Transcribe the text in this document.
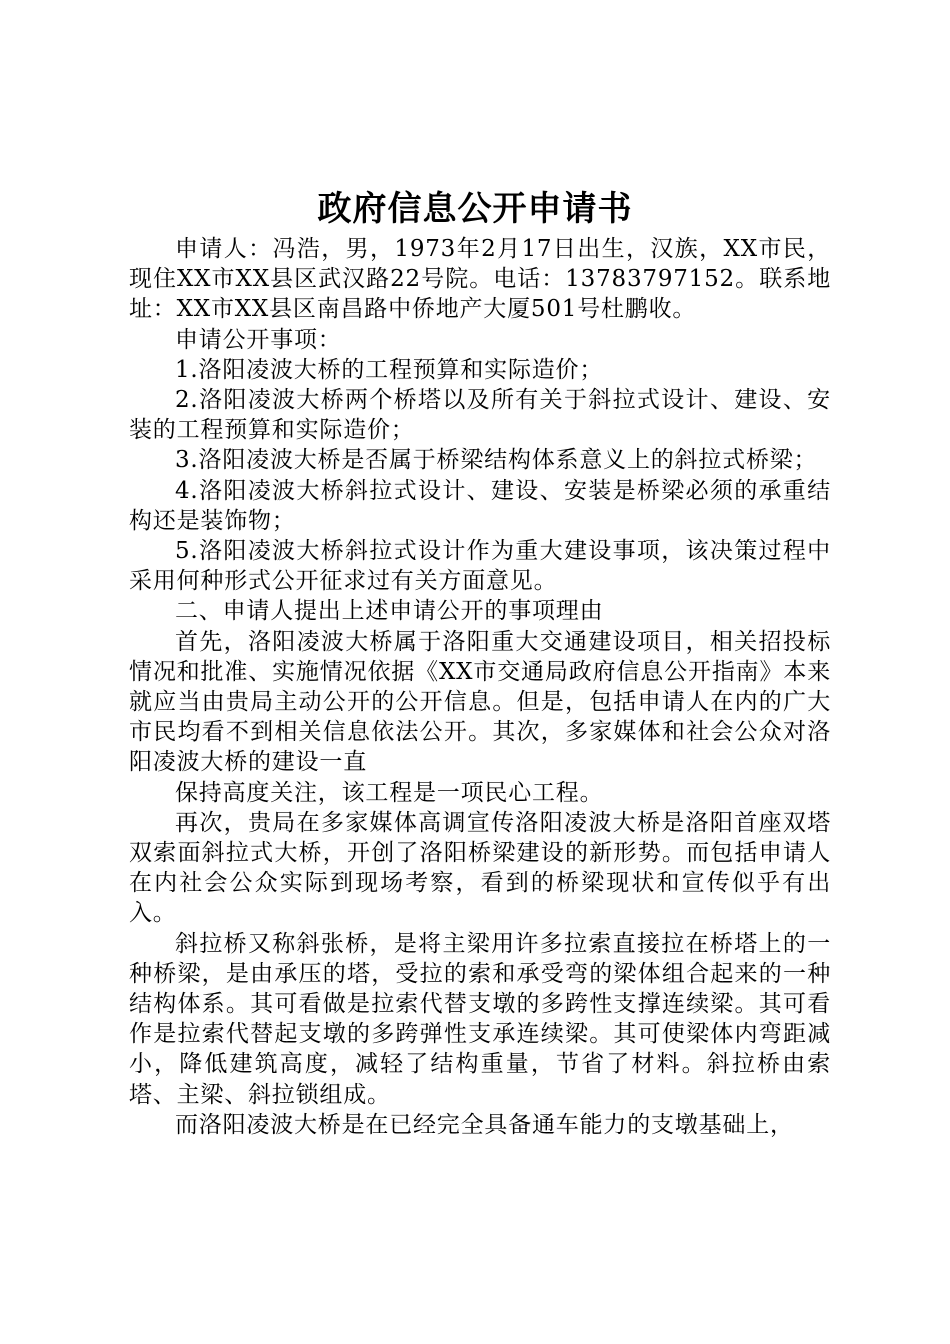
政府信息公开申请书

申请人：冯浩，男，1973年2月17日出生，汉族，XX市民，现住XX市XX县区武汉路22号院。电话：13783797152。联系地址：XX市XX县区南昌路中侨地产大厦501号杜鹏收。

申请公开事项：

1.洛阳凌波大桥的工程预算和实际造价；

2.洛阳凌波大桥两个桥塔以及所有关于斜拉式设计、建设、安装的工程预算和实际造价；

3.洛阳凌波大桥是否属于桥梁结构体系意义上的斜拉式桥梁；

4.洛阳凌波大桥斜拉式设计、建设、安装是桥梁必须的承重结构还是装饰物；

5.洛阳凌波大桥斜拉式设计作为重大建设事项，该决策过程中采用何种形式公开征求过有关方面意见。

二、申请人提出上述申请公开的事项理由

首先，洛阳凌波大桥属于洛阳重大交通建设项目，相关招投标情况和批准、实施情况依据《XX市交通局政府信息公开指南》本来就应当由贵局主动公开的公开信息。但是，包括申请人在内的广大市民均看不到相关信息依法公开。其次，多家媒体和社会公众对洛阳凌波大桥的建设一直

保持高度关注，该工程是一项民心工程。

再次，贵局在多家媒体高调宣传洛阳凌波大桥是洛阳首座双塔双索面斜拉式大桥，开创了洛阳桥梁建设的新形势。而包括申请人在内社会公众实际到现场考察，看到的桥梁现状和宣传似乎有出入。

斜拉桥又称斜张桥，是将主梁用许多拉索直接拉在桥塔上的一种桥梁，是由承压的塔，受拉的索和承受弯的梁体组合起来的一种结构体系。其可看做是拉索代替支墩的多跨性支撑连续梁。其可看作是拉索代替起支墩的多跨弹性支承连续梁。其可使梁体内弯距减小，降低建筑高度，减轻了结构重量，节省了材料。斜拉桥由索塔、主梁、斜拉锁组成。

而洛阳凌波大桥是在已经完全具备通车能力的支墩基础上，
